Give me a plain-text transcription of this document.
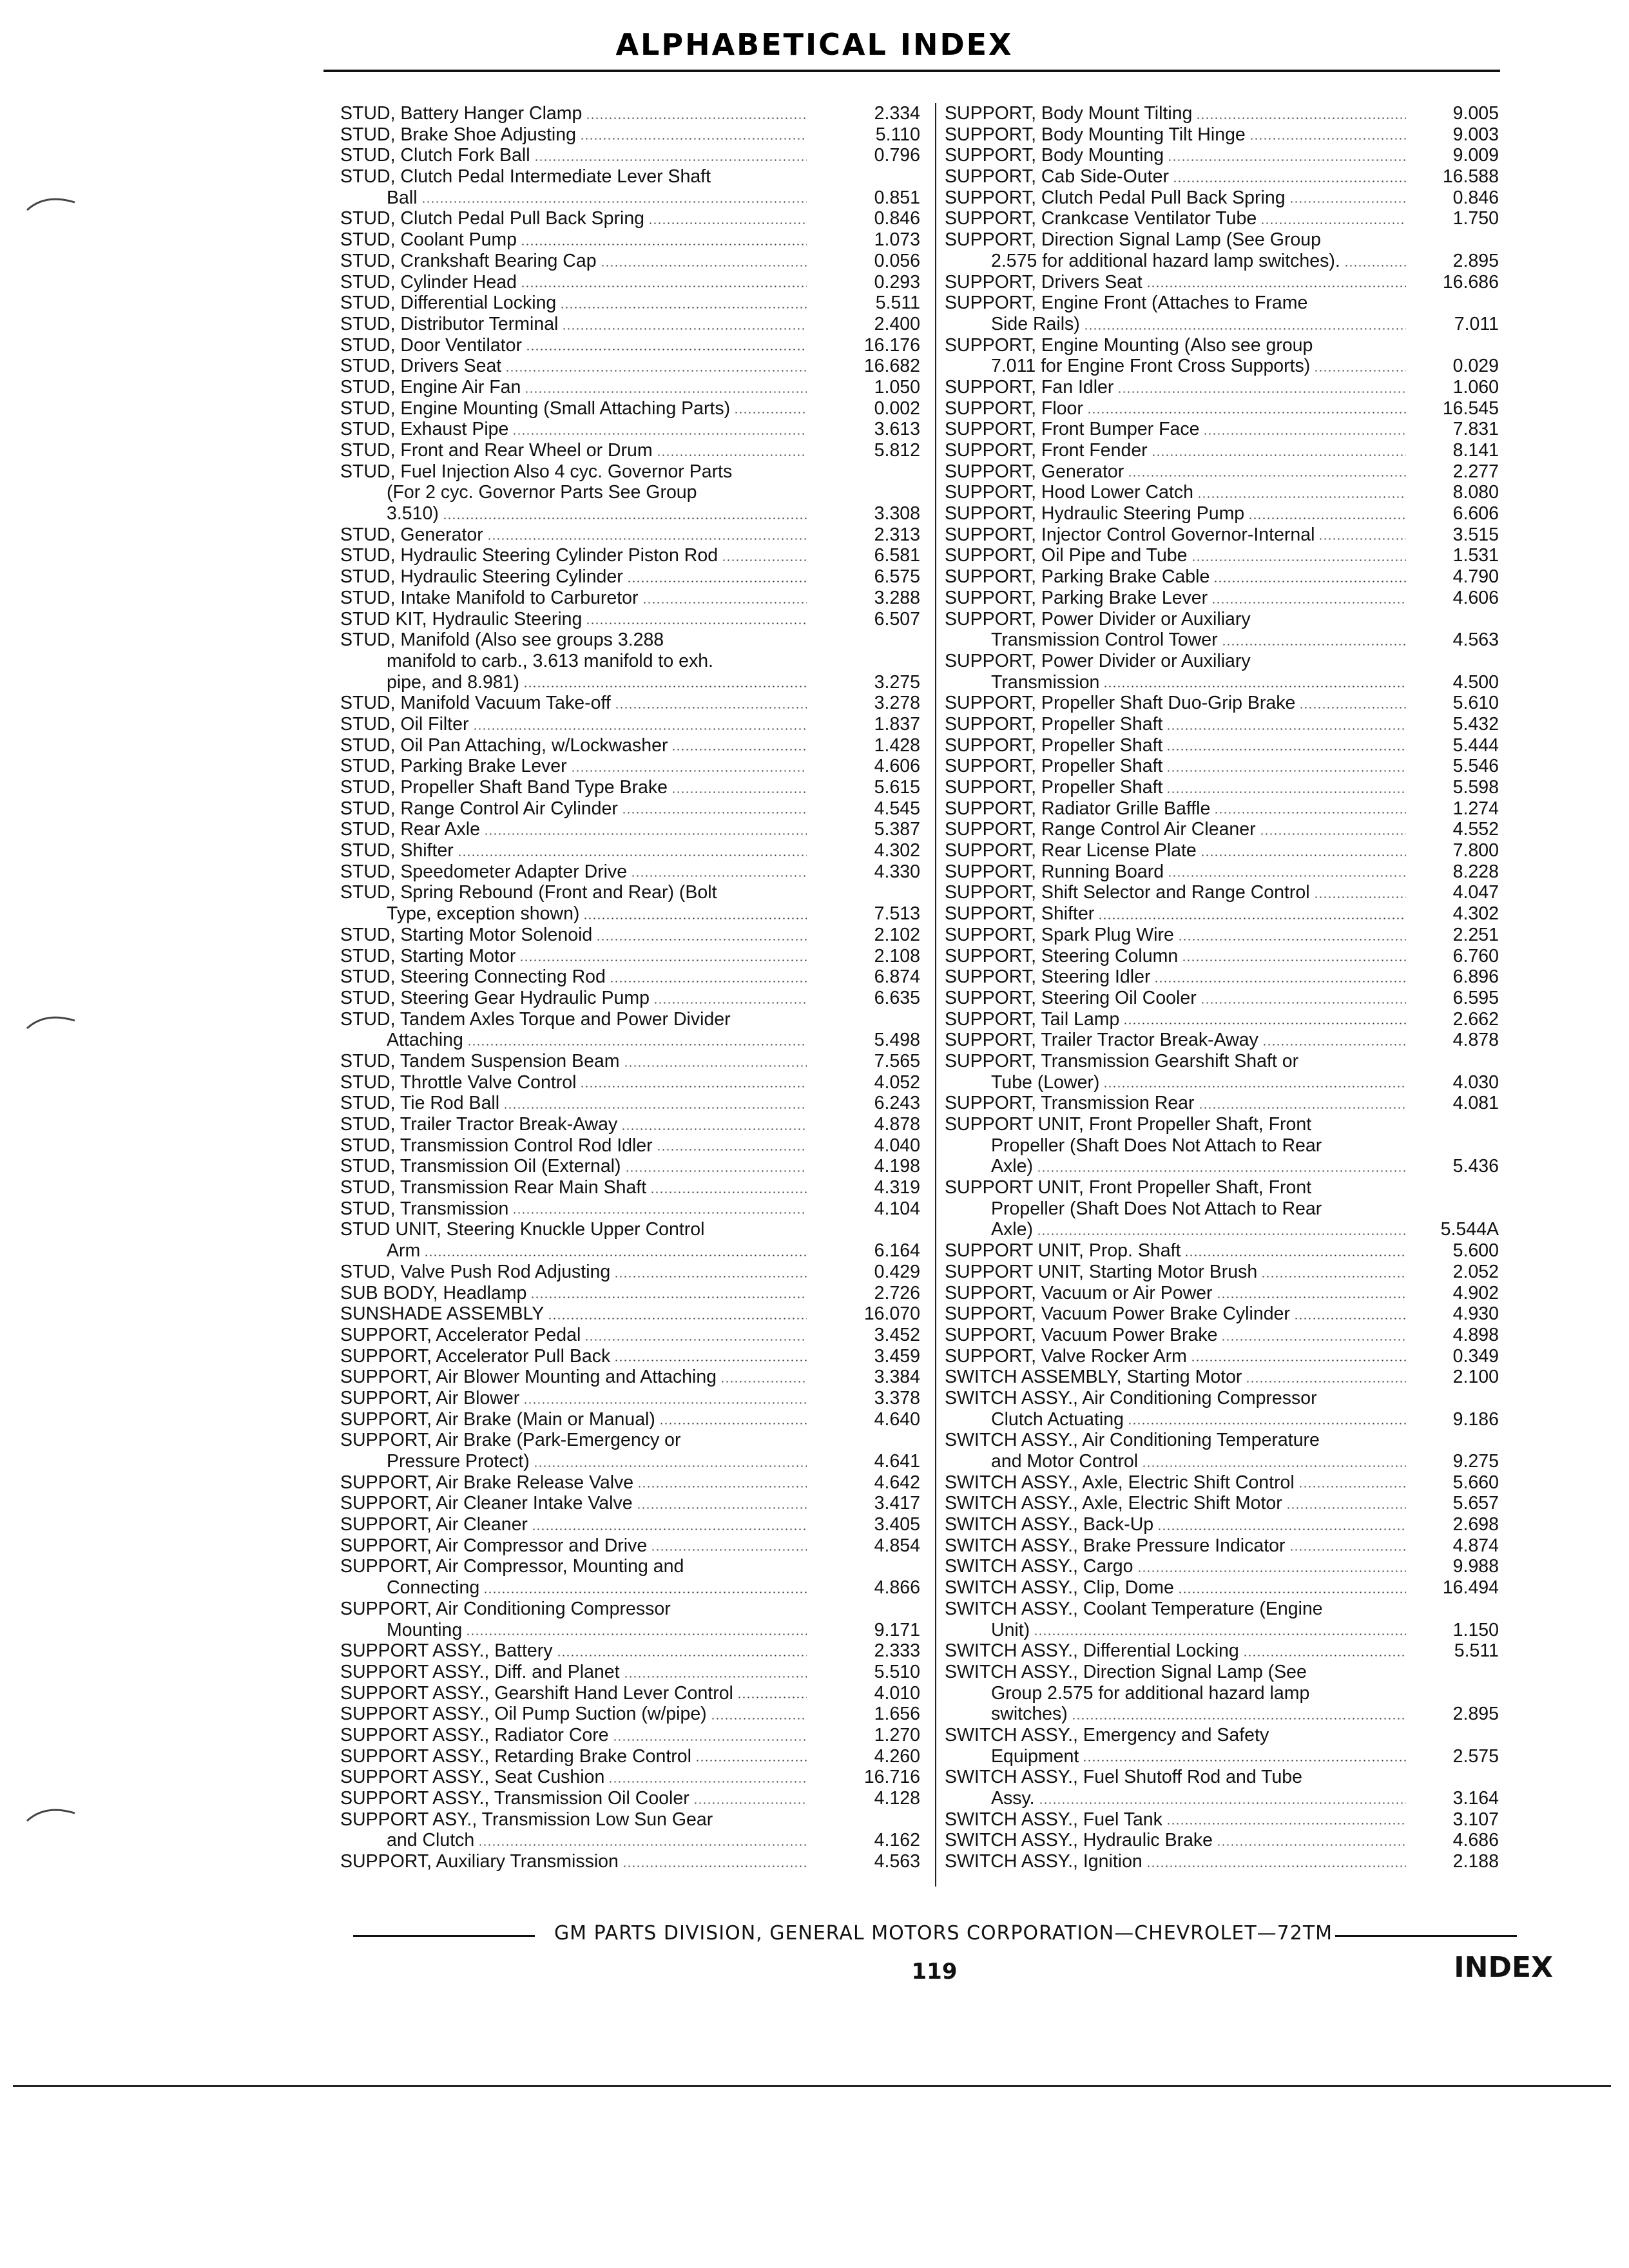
ALPHABETICAL INDEX
STUD, Battery Hanger Clamp	2.334
STUD, Brake Shoe Adjusting	5.110
STUD, Clutch Fork Ball	0.796
STUD, Clutch Pedal Intermediate Lever Shaft
Ball	0.851
STUD, Clutch Pedal Pull Back Spring	0.846
STUD, Coolant Pump	1.073
STUD, Crankshaft Bearing Cap	0.056
STUD, Cylinder Head	0.293
STUD, Differential Locking	5.511
STUD, Distributor Terminal	2.400
STUD, Door Ventilator	16.176
STUD, Drivers Seat	16.682
STUD, Engine Air Fan	1.050
STUD, Engine Mounting (Small Attaching Parts)	0.002
STUD, Exhaust Pipe	3.613
STUD, Front and Rear Wheel or Drum	5.812
STUD, Fuel Injection Also 4 cyc. Governor Parts
(For 2 cyc. Governor Parts See Group
3.510)	3.308
STUD, Generator	2.313
STUD, Hydraulic Steering Cylinder Piston Rod	6.581
STUD, Hydraulic Steering Cylinder	6.575
STUD, Intake Manifold to Carburetor	3.288
STUD KIT, Hydraulic Steering	6.507
STUD, Manifold (Also see groups 3.288
manifold to carb., 3.613 manifold to exh.
pipe, and 8.981)	3.275
STUD, Manifold Vacuum Take-off	3.278
STUD, Oil Filter	1.837
STUD, Oil Pan Attaching, w/Lockwasher	1.428
STUD, Parking Brake Lever	4.606
STUD, Propeller Shaft Band Type Brake	5.615
STUD, Range Control Air Cylinder	4.545
STUD, Rear Axle	5.387
STUD, Shifter	4.302
STUD, Speedometer Adapter Drive	4.330
STUD, Spring Rebound (Front and Rear) (Bolt
Type, exception shown)	7.513
STUD, Starting Motor Solenoid	2.102
STUD, Starting Motor	2.108
STUD, Steering Connecting Rod	6.874
STUD, Steering Gear Hydraulic Pump	6.635
STUD, Tandem Axles Torque and Power Divider
Attaching	5.498
STUD, Tandem Suspension Beam	7.565
STUD, Throttle Valve Control	4.052
STUD, Tie Rod Ball	6.243
STUD, Trailer Tractor Break-Away	4.878
STUD, Transmission Control Rod Idler	4.040
STUD, Transmission Oil (External)	4.198
STUD, Transmission Rear Main Shaft	4.319
STUD, Transmission	4.104
STUD UNIT, Steering Knuckle Upper Control
Arm	6.164
STUD, Valve Push Rod Adjusting	0.429
SUB BODY, Headlamp	2.726
SUNSHADE ASSEMBLY	16.070
SUPPORT, Accelerator Pedal	3.452
SUPPORT, Accelerator Pull Back	3.459
SUPPORT, Air Blower Mounting and Attaching	3.384
SUPPORT, Air Blower	3.378
SUPPORT, Air Brake (Main or Manual)	4.640
SUPPORT, Air Brake (Park-Emergency or
Pressure Protect)	4.641
SUPPORT, Air Brake Release Valve	4.642
SUPPORT, Air Cleaner Intake Valve	3.417
SUPPORT, Air Cleaner	3.405
SUPPORT, Air Compressor and Drive	4.854
SUPPORT, Air Compressor, Mounting and
Connecting	4.866
SUPPORT, Air Conditioning Compressor
Mounting	9.171
SUPPORT ASSY., Battery	2.333
SUPPORT ASSY., Diff. and Planet	5.510
SUPPORT ASSY., Gearshift Hand Lever Control	4.010
SUPPORT ASSY., Oil Pump Suction (w/pipe)	1.656
SUPPORT ASSY., Radiator Core	1.270
SUPPORT ASSY., Retarding Brake Control	4.260
SUPPORT ASSY., Seat Cushion	16.716
SUPPORT ASSY., Transmission Oil Cooler	4.128
SUPPORT ASY., Transmission Low Sun Gear
and Clutch	4.162
SUPPORT, Auxiliary Transmission	4.563
SUPPORT, Body Mount Tilting	9.005
SUPPORT, Body Mounting Tilt Hinge	9.003
SUPPORT, Body Mounting	9.009
SUPPORT, Cab Side-Outer	16.588
SUPPORT, Clutch Pedal Pull Back Spring	0.846
SUPPORT, Crankcase Ventilator Tube	1.750
SUPPORT, Direction Signal Lamp (See Group
2.575 for additional hazard lamp switches).	2.895
SUPPORT, Drivers Seat	16.686
SUPPORT, Engine Front (Attaches to Frame
Side Rails)	7.011
SUPPORT, Engine Mounting (Also see group
7.011 for Engine Front Cross Supports)	0.029
SUPPORT, Fan Idler	1.060
SUPPORT, Floor	16.545
SUPPORT, Front Bumper Face	7.831
SUPPORT, Front Fender	8.141
SUPPORT, Generator	2.277
SUPPORT, Hood Lower Catch	8.080
SUPPORT, Hydraulic Steering Pump	6.606
SUPPORT, Injector Control Governor-Internal	3.515
SUPPORT, Oil Pipe and Tube	1.531
SUPPORT, Parking Brake Cable	4.790
SUPPORT, Parking Brake Lever	4.606
SUPPORT, Power Divider or Auxiliary
Transmission Control Tower	4.563
SUPPORT, Power Divider or Auxiliary
Transmission	4.500
SUPPORT, Propeller Shaft Duo-Grip Brake	5.610
SUPPORT, Propeller Shaft	5.432
SUPPORT, Propeller Shaft	5.444
SUPPORT, Propeller Shaft	5.546
SUPPORT, Propeller Shaft	5.598
SUPPORT, Radiator Grille Baffle	1.274
SUPPORT, Range Control Air Cleaner	4.552
SUPPORT, Rear License Plate	7.800
SUPPORT, Running Board	8.228
SUPPORT, Shift Selector and Range Control	4.047
SUPPORT, Shifter	4.302
SUPPORT, Spark Plug Wire	2.251
SUPPORT, Steering Column	6.760
SUPPORT, Steering Idler	6.896
SUPPORT, Steering Oil Cooler	6.595
SUPPORT, Tail Lamp	2.662
SUPPORT, Trailer Tractor Break-Away	4.878
SUPPORT, Transmission Gearshift Shaft or
Tube (Lower)	4.030
SUPPORT, Transmission Rear	4.081
SUPPORT UNIT, Front Propeller Shaft, Front
Propeller (Shaft Does Not Attach to Rear
Axle)	5.436
SUPPORT UNIT, Front Propeller Shaft, Front
Propeller (Shaft Does Not Attach to Rear
Axle)	5.544A
SUPPORT UNIT, Prop. Shaft	5.600
SUPPORT UNIT, Starting Motor Brush	2.052
SUPPORT, Vacuum or Air Power	4.902
SUPPORT, Vacuum Power Brake Cylinder	4.930
SUPPORT, Vacuum Power Brake	4.898
SUPPORT, Valve Rocker Arm	0.349
SWITCH ASSEMBLY, Starting Motor	2.100
SWITCH ASSY., Air Conditioning Compressor
Clutch Actuating	9.186
SWITCH ASSY., Air Conditioning Temperature
and Motor Control	9.275
SWITCH ASSY., Axle, Electric Shift Control	5.660
SWITCH ASSY., Axle, Electric Shift Motor	5.657
SWITCH ASSY., Back-Up	2.698
SWITCH ASSY., Brake Pressure Indicator	4.874
SWITCH ASSY., Cargo	9.988
SWITCH ASSY., Clip, Dome	16.494
SWITCH ASSY., Coolant Temperature (Engine
Unit)	1.150
SWITCH ASSY., Differential Locking	5.511
SWITCH ASSY., Direction Signal Lamp (See
Group 2.575 for additional hazard lamp
switches)	2.895
SWITCH ASSY., Emergency and Safety
Equipment	2.575
SWITCH ASSY., Fuel Shutoff Rod and Tube
Assy.	3.164
SWITCH ASSY., Fuel Tank	3.107
SWITCH ASSY., Hydraulic Brake	4.686
SWITCH ASSY., Ignition	2.188
GM PARTS DIVISION, GENERAL MOTORS CORPORATION—CHEVROLET—72TM
119	INDEX
